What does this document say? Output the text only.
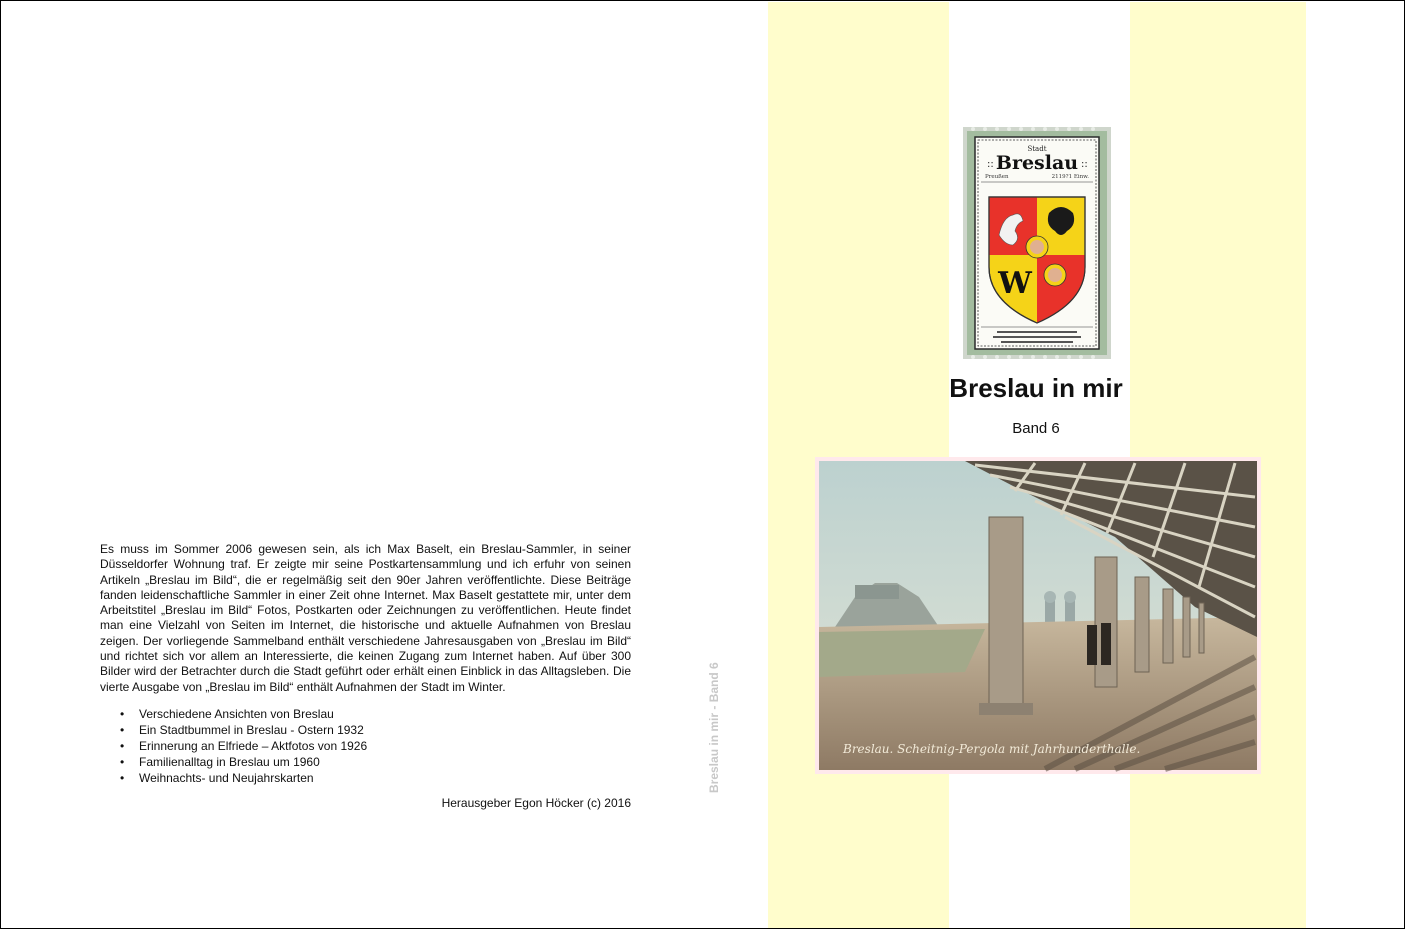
Es muss im Sommer 2006 gewesen sein, als ich Max Baselt, ein Breslau-Sammler, in seiner Düsseldorfer Wohnung traf. Er zeigte mir seine Postkartensammlung und ich erfuhr von seinen Artikeln „Breslau im Bild“, die er regelmäßig seit den 90er Jahren veröffentlichte. Diese Beiträge fanden leidenschaftliche Sammler in einer Zeit ohne Internet. Max Baselt gestattete mir, unter dem Arbeitstitel „Breslau im Bild“ Fotos, Postkarten oder Zeichnungen zu veröffentlichen. Heute findet man eine Vielzahl von Seiten im Internet, die historische und aktuelle Aufnahmen von Breslau zeigen. Der vorliegende Sammelband enthält verschiedene Jahresausgaben von „Breslau im Bild“ und richtet sich vor allem an Interessierte, die keinen Zugang zum Internet haben. Auf über 300 Bilder wird der Betrachter durch die Stadt geführt oder erhält einen Einblick in das Alltagsleben. Die vierte Ausgabe von „Breslau im Bild“ enthält Aufnahmen der Stadt im Winter.

• Verschiedene Ansichten von Breslau
• Ein Stadtbummel in Breslau - Ostern 1932
• Erinnerung an Elfriede – Aktfotos von 1926
• Familienalltag in Breslau um 1960
• Weihnachts- und Neujahrskarten

Herausgeber Egon Höcker (c) 2016

Breslau in mir - Band 6
Stadt
Breslau
::	::
Preußen	2119?1 Einw.
W
Breslau in mir
Band 6
Breslau. Scheitnig-Pergola mit Jahrhunderthalle.
